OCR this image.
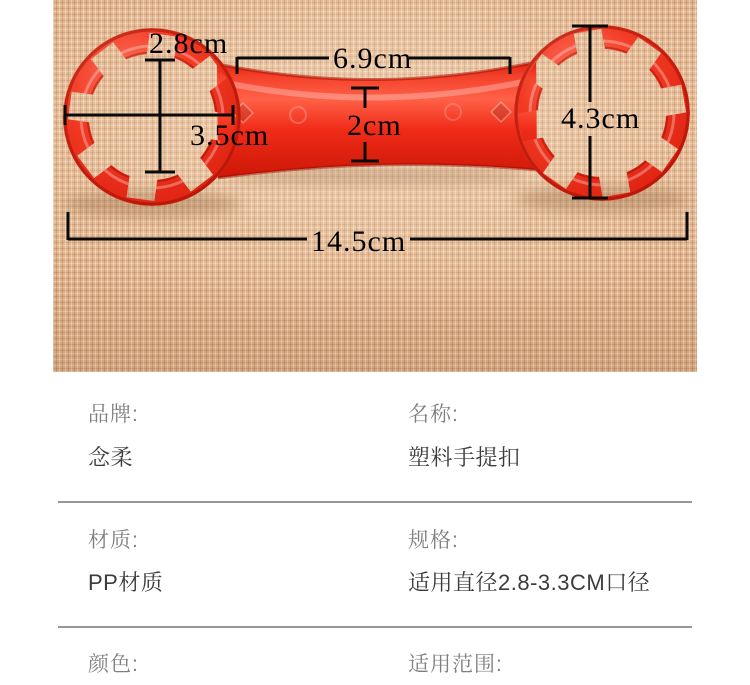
2.8cm	6.9cm
3.5cm	2cm	4.3cm
14.5cm
品牌:
念柔
名称:
塑料手提扣
材质:
PP材质
规格:
适用直径2.8-3.3CM口径
颜色:	适用范围:
